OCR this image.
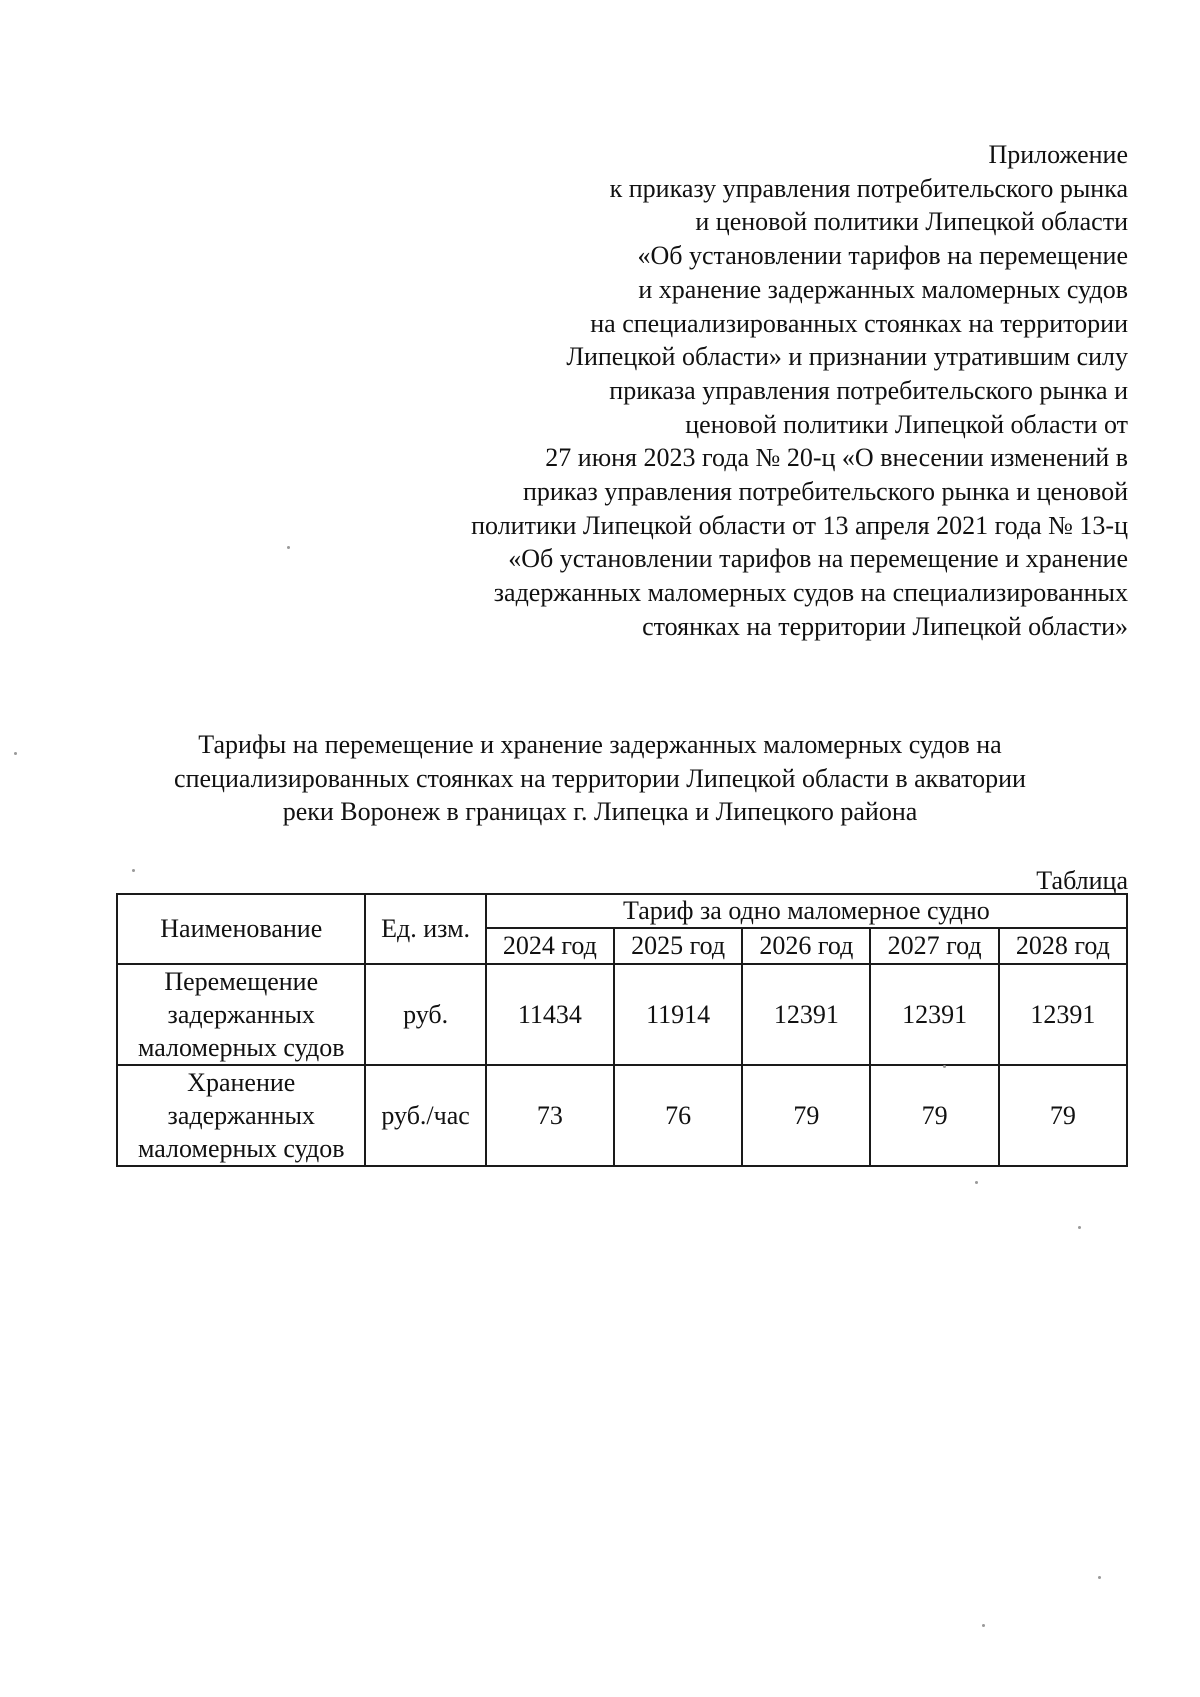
Приложение
к приказу управления потребительского рынка
и ценовой политики Липецкой области
«Об установлении тарифов на перемещение
и хранение задержанных маломерных судов
на специализированных стоянках на территории
Липецкой области» и признании утратившим силу
приказа управления потребительского рынка и
ценовой политики Липецкой области от
27 июня 2023 года № 20-ц «О внесении изменений в
приказ управления потребительского рынка и ценовой
политики Липецкой области от 13 апреля 2021 года № 13-ц
«Об установлении тарифов на перемещение и хранение
задержанных маломерных судов на специализированных
стоянках на территории Липецкой области»
Тарифы на перемещение и хранение задержанных маломерных судов на
специализированных стоянках на территории Липецкой области в акватории
реки Воронеж в границах г. Липецка и Липецкого района
Таблица
Наименование	Ед. изм.	Тариф за одно маломерное судно				
		2024 год	2025 год	2026 год	2027 год	2028 год

Перемещение
задержанных
маломерных судов	руб.	11434	11914	12391	12391	12391

Хранение
задержанных
маломерных судов	руб./час	73	76	79	79	79
